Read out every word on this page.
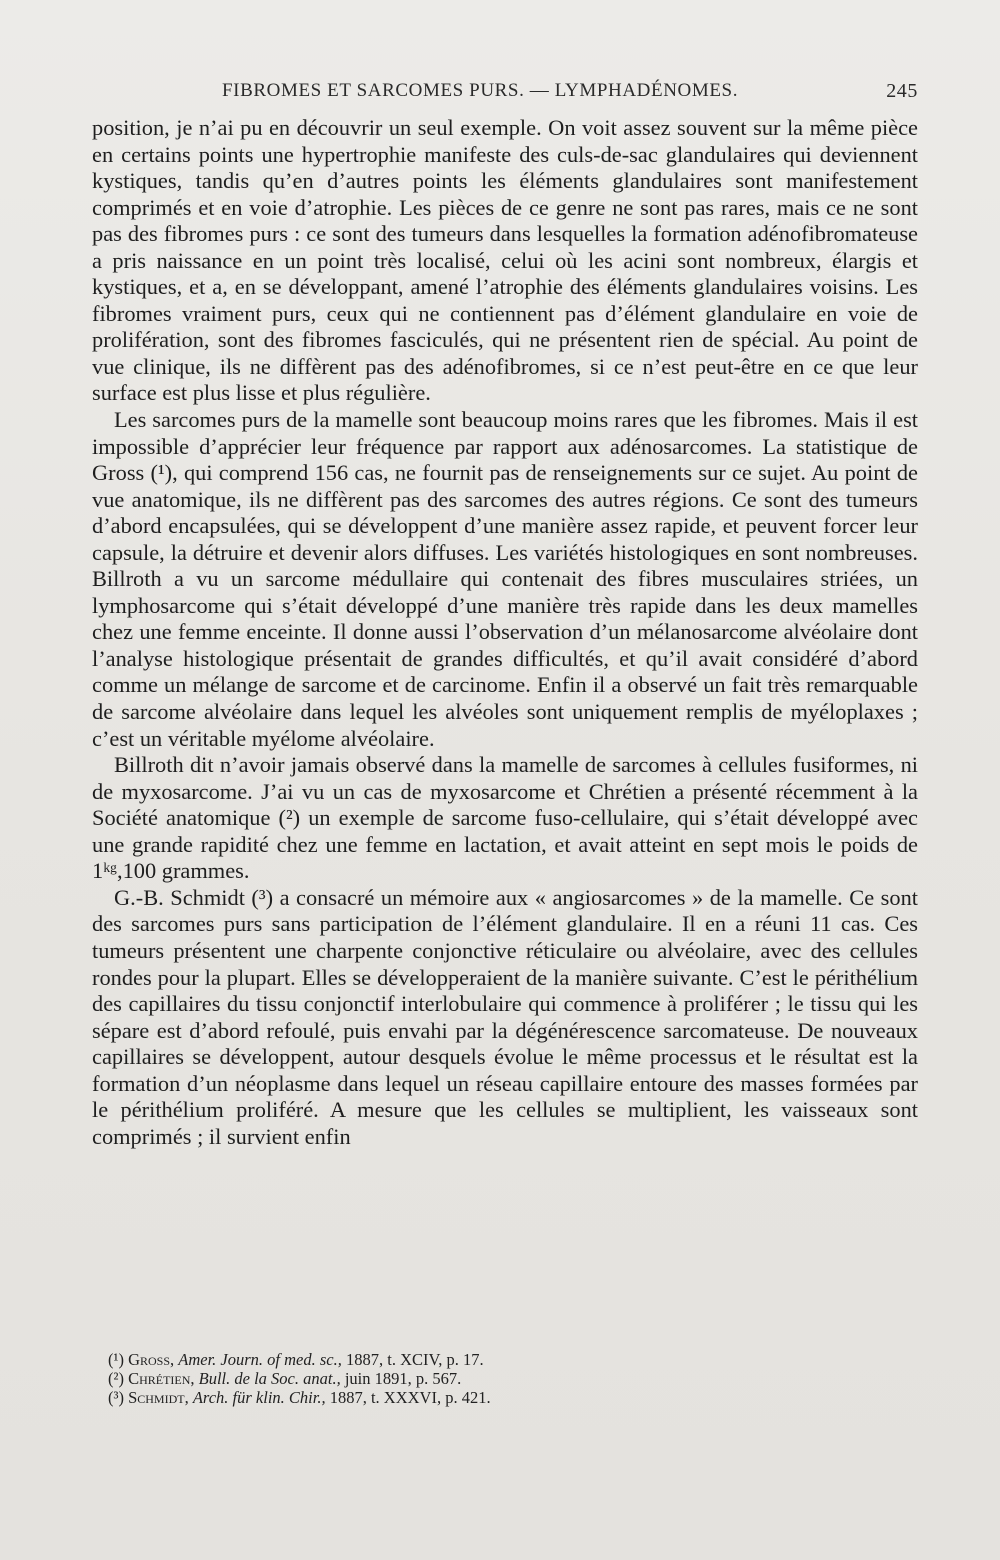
FIBROMES ET SARCOMES PURS. — LYMPHADÉNOMES.	245

position, je n’ai pu en découvrir un seul exemple. On voit assez souvent sur la même pièce en certains points une hypertrophie manifeste des culs-de-sac glandulaires qui deviennent kystiques, tandis qu’en d’autres points les éléments glandulaires sont manifestement comprimés et en voie d’atrophie. Les pièces de ce genre ne sont pas rares, mais ce ne sont pas des fibromes purs : ce sont des tumeurs dans lesquelles la formation adénofibromateuse a pris naissance en un point très localisé, celui où les acini sont nombreux, élargis et kystiques, et a, en se développant, amené l’atrophie des éléments glandulaires voisins. Les fibromes vraiment purs, ceux qui ne contiennent pas d’élément glandulaire en voie de prolifération, sont des fibromes fasciculés, qui ne présentent rien de spécial. Au point de vue clinique, ils ne diffèrent pas des adénofibromes, si ce n’est peut-être en ce que leur surface est plus lisse et plus régulière.

Les sarcomes purs de la mamelle sont beaucoup moins rares que les fibromes. Mais il est impossible d’apprécier leur fréquence par rapport aux adénosarcomes. La statistique de Gross (¹), qui comprend 156 cas, ne fournit pas de renseignements sur ce sujet. Au point de vue anatomique, ils ne diffèrent pas des sarcomes des autres régions. Ce sont des tumeurs d’abord encapsulées, qui se développent d’une manière assez rapide, et peuvent forcer leur capsule, la détruire et devenir alors diffuses. Les variétés histologiques en sont nombreuses. Billroth a vu un sarcome médullaire qui contenait des fibres musculaires striées, un lymphosarcome qui s’était développé d’une manière très rapide dans les deux mamelles chez une femme enceinte. Il donne aussi l’observation d’un mélanosarcome alvéolaire dont l’analyse histologique présentait de grandes difficultés, et qu’il avait considéré d’abord comme un mélange de sarcome et de carcinome. Enfin il a observé un fait très remarquable de sarcome alvéolaire dans lequel les alvéoles sont uniquement remplis de myéloplaxes ; c’est un véritable myélome alvéolaire.

Billroth dit n’avoir jamais observé dans la mamelle de sarcomes à cellules fusiformes, ni de myxosarcome. J’ai vu un cas de myxosarcome et Chrétien a présenté récemment à la Société anatomique (²) un exemple de sarcome fuso-cellulaire, qui s’était développé avec une grande rapidité chez une femme en lactation, et avait atteint en sept mois le poids de 1ᵏᵍ,100 grammes.

G.-B. Schmidt (³) a consacré un mémoire aux « angiosarcomes » de la mamelle. Ce sont des sarcomes purs sans participation de l’élément glandulaire. Il en a réuni 11 cas. Ces tumeurs présentent une charpente conjonctive réticulaire ou alvéolaire, avec des cellules rondes pour la plupart. Elles se développeraient de la manière suivante. C’est le périthélium des capillaires du tissu conjonctif interlobulaire qui commence à proliférer ; le tissu qui les sépare est d’abord refoulé, puis envahi par la dégénérescence sarcomateuse. De nouveaux capillaires se développent, autour desquels évolue le même processus et le résultat est la formation d’un néoplasme dans lequel un réseau capillaire entoure des masses formées par le périthélium proliféré. A mesure que les cellules se multiplient, les vaisseaux sont comprimés ; il survient enfin

(¹) Gross, Amer. Journ. of med. sc., 1887, t. XCIV, p. 17.

(²) Chrétien, Bull. de la Soc. anat., juin 1891, p. 567.

(³) Schmidt, Arch. für klin. Chir., 1887, t. XXXVI, p. 421.
